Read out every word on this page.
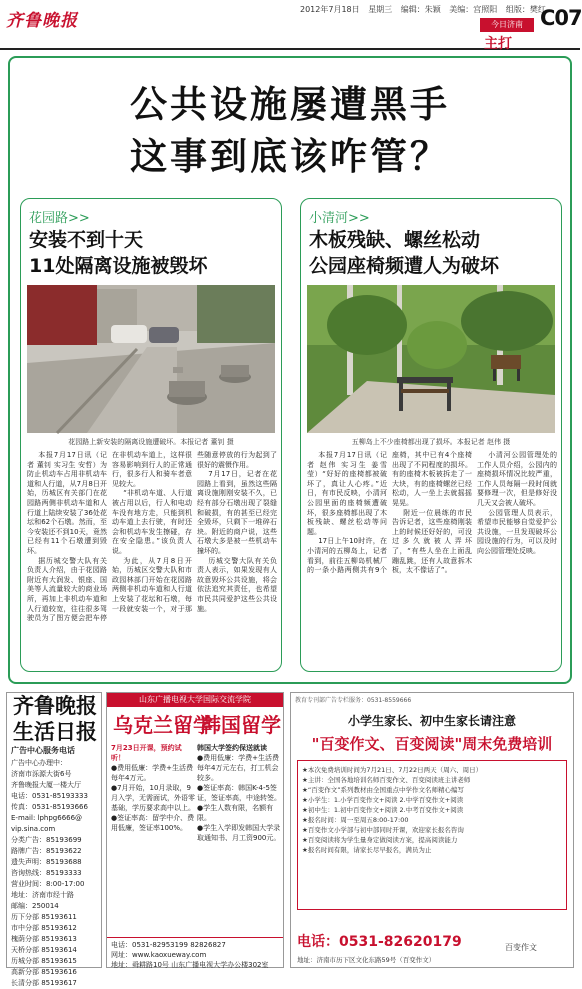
齐鲁晚报
2012年7月18日 星期三 编辑：朱颖 美编：宫照阳 组版：樊红
今日济南
主打
C07
公共设施屡遭黑手
这事到底该咋管？
花园路>>
安装不到十天
11处隔离设施被毁坏
花园路上新安装的隔离设施遭破坏。本报记者 董钊 摄

本报7月17日讯（记者 董钊 实习生 安哲）为防止机动车占用非机动车道和人行道，从7月8日开始，历城区有关部门在花园路两侧非机动车道和人行道上陆续安装了36处花坛和62个石墩。然而，至今安装还不到10天，竟然已经有11个石墩遭到毁坏。

据历城交警大队有关负责人介绍，由于花园路附近有大润发、银座、国美等人流量较大的商业场所，再加上非机动车道和人行道较宽，往往很多驾驶员为了图方便会把车停在非机动车道上，这样很容易影响到行人的正常通行，很多行人和骑车者意见较大。

“非机动车道、人行道被占用以后，行人和电动车没有地方走，只能到机动车道上去行驶，有时还会和机动车发生擦碰，存在安全隐患。”该负责人说。

为此，从7月8日开始，历城区交警大队和市政园林部门开始在花园路两侧非机动车道和人行道上安装了花坛和石墩，每一段就安装一个，对于那些随意停放的行为起到了很好的震慑作用。

7月17日，记者在花园路上看到，虽然这些隔离设施刚刚安装不久，已经有部分石墩出现了裂缝和破损，有的甚至已经完全毁坏，只剩下一堆碎石块。附近的商户说，这些石墩大多是被一些机动车撞坏的。

历城交警大队有关负责人表示，如果发现有人故意毁坏公共设施，将会依法追究其责任，也希望市民共同爱护这些公共设施。

小清河>>
木板残缺、螺丝松动
公园座椅频遭人为破坏
五柳岛上不少座椅都出现了损坏。本报记者 赵伟 摄

本报7月17日讯（记者 赵伟 实习生 姜雪莹）“好好的座椅都被破坏了，真让人心疼。”近日，有市民反映，小清河公园里面的座椅频遭破坏，很多座椅都出现了木板残缺、螺丝松动等问题。

17日上午10时许，在小清河的五柳岛上，记者看到，前往五柳岛机械厂的一条小路两侧共有9个座椅，其中已有4个座椅出现了不同程度的损坏。有的座椅木板被拆走了一大块，有的座椅螺丝已经松动，人一坐上去就摇摇晃晃。

附近一位晨练的市民告诉记者，这些座椅刚装上的时候还好好的，可没过多久就被人弄坏了，“有些人坐在上面乱蹦乱跳，还有人故意拆木板，太不像话了”。

小清河公园管理处的工作人员介绍，公园内的座椅损坏情况比较严重，工作人员每隔一段时间就要修理一次，但是修好没几天又会被人破坏。

公园管理人员表示，希望市民能够自觉爱护公共设施，一旦发现破坏公园设施的行为，可以及时向公园管理处反映。

齐鲁晚报
生活日报
广告中心服务电话
广告中心办理中：
济南市泺源大街6号
齐鲁晚报大厦一楼大厅
电话：0531-85193333
传真：0531-85193666
E-mail: lphpg6666@
vip.sina.com
分类广告：85193699
路牌广告：85193622
遗失声明：85193688
咨询热线：85193333
营业时间：8:00-17:00
地址：济南市经十路
邮编：250014
历下分部 85193611
市中分部 85193612
槐荫分部 85193613
天桥分部 85193614
历城分部 85193615
高新分部 85193616
长清分部 85193617
山东广播电视大学国际交流学院
乌克兰留学
韩国留学
7月23日开课，预约试听！
●费用低廉：学费+生活费每年4万元。
●7月开始，10月录取，9月入学，无需面试，外语零基础，学历要求高中以上。
●签证率高：留学中介、费用低廉，签证率100%。
韩国大学签约保送就读
●费用低廉：学费+生活费每年4万元左右，打工机会较多。
●签证率高：韩国K-4-5签证，签证率高，中途转签。
●学生人数有限，名额有限。
●学生入学即发韩国大学录取通知书、月工资900元。
电话：0531-82953199 82826827
网址：www.kaoxueway.com
地址：舜耕路10号 山东广播电视大学办公楼302室
教育专刊部广告专栏服务：0531-8559666
小学生家长、初中生家长请注意
"百变作文、百变阅读"周末免费培训
★本次免费培训时间为7月21日、7月22日两天（周六、周日）
★主讲：全国各地培训名师百变作文、百变阅读班主讲老师
★“百变作文”系列教材由全国重点中学作文名师精心编写
★小学生：1.小学百变作文+阅读 2.中学百变作文+阅读
★初中生：1.初中百变作文+阅读 2.中考百变作文+阅读
★报名时间：周一至周五8:00-17:00
★百变作文小学部与初中部同时开课，欢迎家长报名咨询
★百变阅读将为学生量身定做阅读方案，提高阅读能力
★报名时间有限，请家长尽早报名，满员为止
电话：0531-82620179	百变作文
地址：济南市历下区文化东路59号（百变作文）
